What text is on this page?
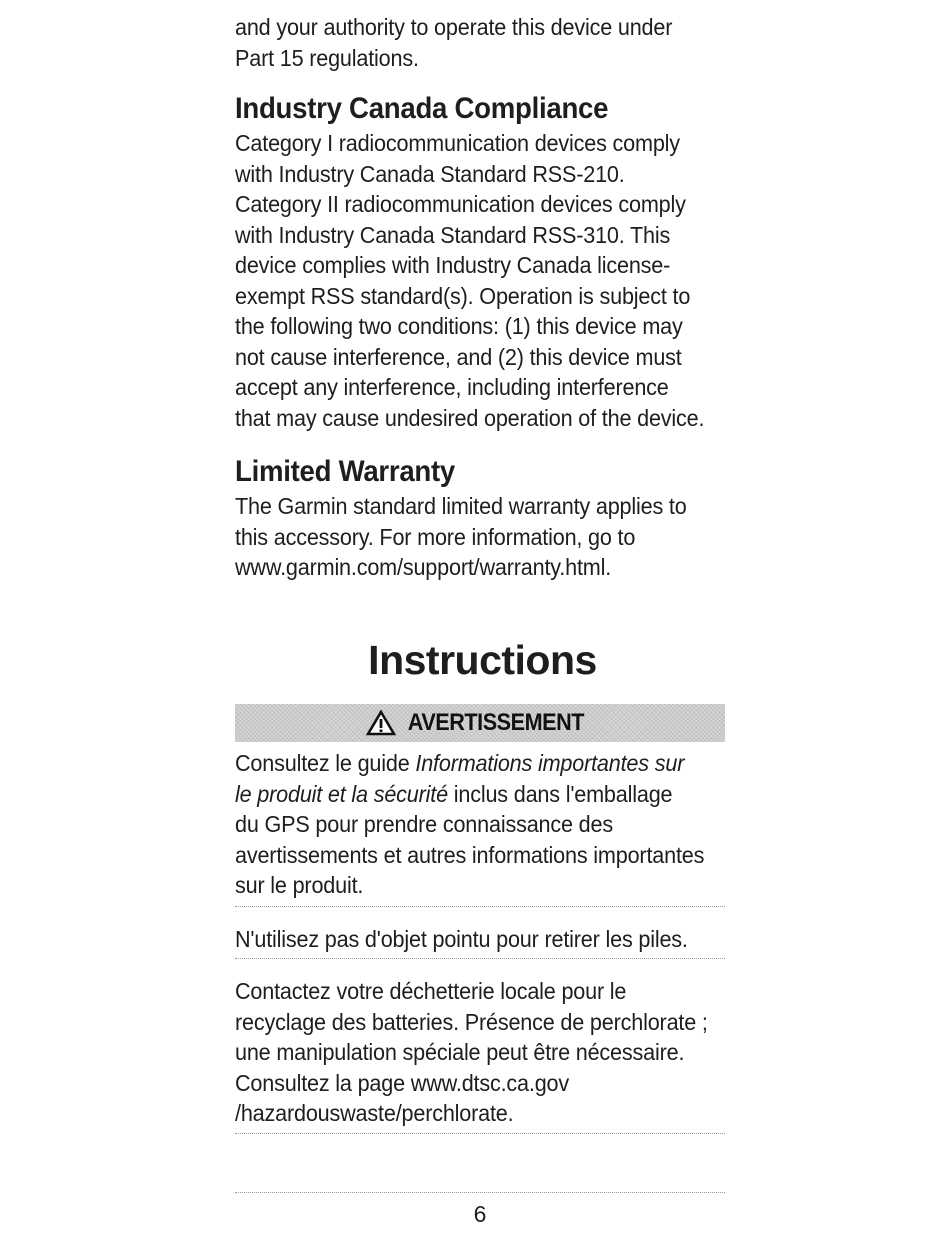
and your authority to operate this device under

Part 15 regulations.

Industry Canada Compliance

Category I radiocommunication devices comply

with Industry Canada Standard RSS-210.

Category II radiocommunication devices comply

with Industry Canada Standard RSS-310. This

device complies with Industry Canada license-

exempt RSS standard(s). Operation is subject to

the following two conditions: (1) this device may

not cause interference, and (2) this device must

accept any interference, including interference

that may cause undesired operation of the device.

Limited Warranty

The Garmin standard limited warranty applies to

this accessory. For more information, go to

www.garmin.com/support/warranty.html.

Instructions

AVERTISSEMENT

Consultez le guide Informations importantes sur

le produit et la sécurité inclus dans l'emballage

du GPS pour prendre connaissance des

avertissements et autres informations importantes

sur le produit.

N'utilisez pas d'objet pointu pour retirer les piles.

Contactez votre déchetterie locale pour le

recyclage des batteries. Présence de perchlorate ;

une manipulation spéciale peut être nécessaire.

Consultez la page www.dtsc.ca.gov

/hazardouswaste/perchlorate.

6
